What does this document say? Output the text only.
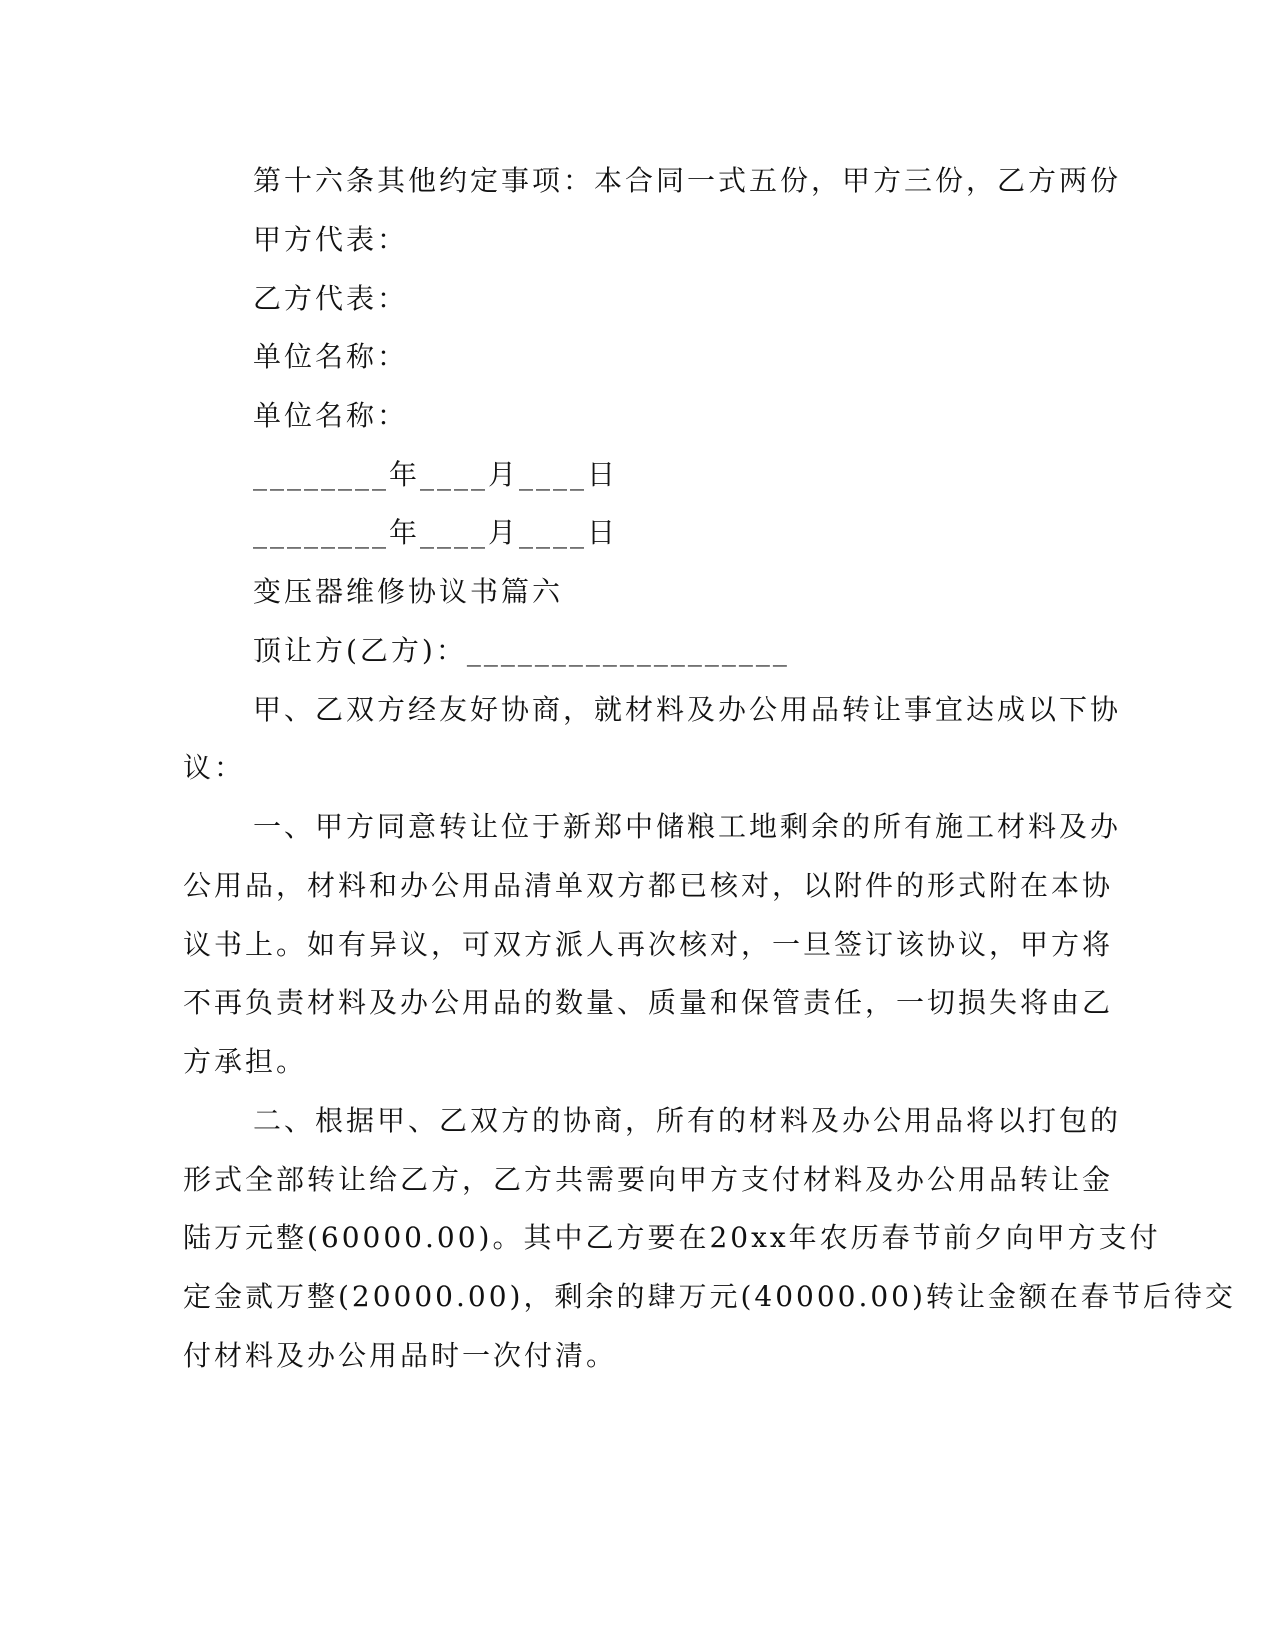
第十六条其他约定事项：本合同一式五份，甲方三份，乙方两份
甲方代表：
乙方代表：
单位名称：
单位名称：
________年____月____日
________年____月____日
变压器维修协议书篇六
顶让方(乙方)：___________________
甲、乙双方经友好协商，就材料及办公用品转让事宜达成以下协
议：
一、甲方同意转让位于新郑中储粮工地剩余的所有施工材料及办
公用品，材料和办公用品清单双方都已核对，以附件的形式附在本协
议书上。如有异议，可双方派人再次核对，一旦签订该协议，甲方将
不再负责材料及办公用品的数量、质量和保管责任，一切损失将由乙
方承担。
二、根据甲、乙双方的协商，所有的材料及办公用品将以打包的
形式全部转让给乙方，乙方共需要向甲方支付材料及办公用品转让金
陆万元整(60000.00)。其中乙方要在20xx年农历春节前夕向甲方支付
定金贰万整(20000.00)，剩余的肆万元(40000.00)转让金额在春节后待交
付材料及办公用品时一次付清。
